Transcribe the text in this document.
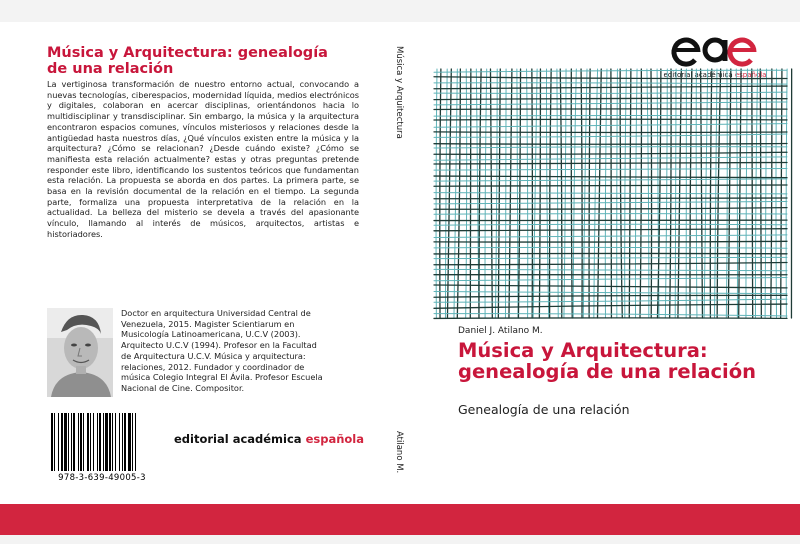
Música y Arquitectura: genealogía de una relación

La vertiginosa transformación de nuestro entorno actual, convocando a nuevas tecnologías, ciberespacios, modernidad líquida, medios electrónicos y digitales, colaboran en acercar disciplinas, orientándonos hacia lo multidisciplinar y transdisciplinar. Sin embargo, la música y la arquitectura encontraron espacios comunes, vínculos misteriosos y relaciones desde la antigüedad hasta nuestros días, ¿Qué vínculos existen entre la música y la arquitectura? ¿Cómo se relacionan? ¿Desde cuándo existe? ¿Cómo se manifiesta esta relación actualmente? estas y otras preguntas pretende responder este libro, identificando los sustentos teóricos que fundamentan esta relación. La propuesta se aborda en dos partes. La primera parte, se basa en la revisión documental de la relación en el tiempo. La segunda parte, formaliza una propuesta interpretativa de la relación en la actualidad. La belleza del misterio se devela a través del apasionante vínculo, llamando al interés de músicos, arquitectos, artistas e historiadores.

Doctor en arquitectura Universidad Central de Venezuela, 2015. Magister Scientiarum en Musicología Latinoamericana, U.C.V (2003). Arquitecto U.C.V (1994). Profesor en la Facultad de Arquitectura U.C.V. Música y arquitectura: relaciones, 2012. Fundador y coordinador de música Colegio Integral El Ávila. Profesor Escuela Nacional de Cine. Compositor.

978-3-639-49005-3
editorial académica española
Música y Arquitectura
Atilano M.
editorial académica española
Daniel J. Atilano M.
Música y Arquitectura: genealogía de una relación
Genealogía de una relación
